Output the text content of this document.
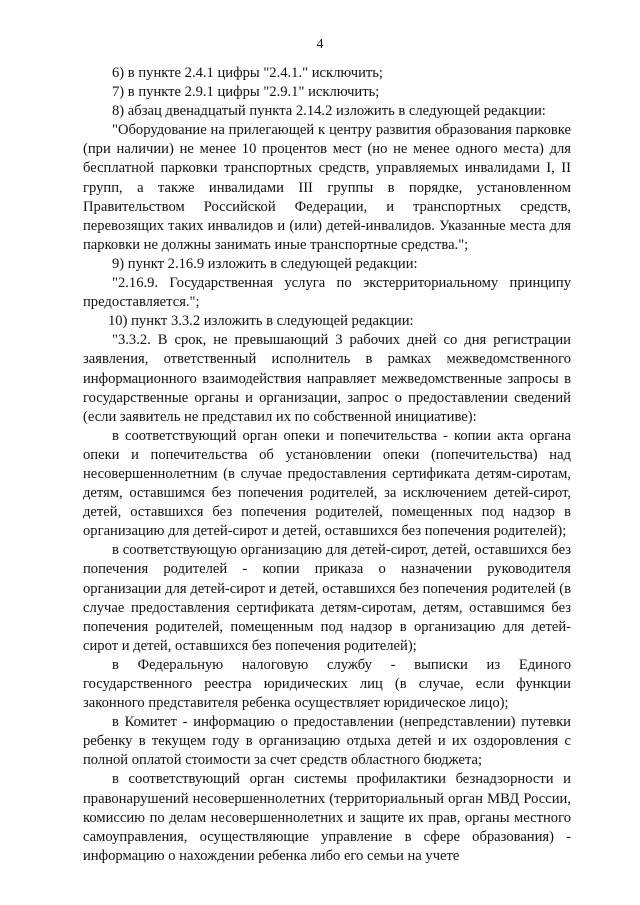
4

6) в пункте 2.4.1 цифры "2.4.1." исключить;

7) в пункте 2.9.1 цифры "2.9.1" исключить;

8) абзац двенадцатый пункта 2.14.2 изложить в следующей редакции:

"Оборудование на прилегающей к центру развития образования парковке (при наличии) не менее 10 процентов мест (но не менее одного места) для бесплатной парковки транспортных средств, управляемых инвалидами I, II групп, а также инвалидами III группы в порядке, установленном Правительством Российской Федерации, и транспортных средств, перевозящих таких инвалидов и (или) детей-инвалидов. Указанные места для парковки не должны занимать иные транспортные средства.";

9) пункт 2.16.9 изложить в следующей редакции:

"2.16.9. Государственная услуга по экстерриториальному принципу предоставляется.";

10) пункт 3.3.2 изложить в следующей редакции:

"3.3.2. В срок, не превышающий 3 рабочих дней со дня регистрации заявления, ответственный исполнитель в рамках межведомственного информационного взаимодействия направляет межведомственные запросы в государственные органы и организации, запрос о предоставлении сведений (если заявитель не представил их по собственной инициативе):

в соответствующий орган опеки и попечительства - копии акта органа опеки и попечительства об установлении опеки (попечительства) над несовершеннолетним (в случае предоставления сертификата детям-сиротам, детям, оставшимся без попечения родителей, за исключением детей-сирот, детей, оставшихся без попечения родителей, помещенных под надзор в организацию для детей-сирот и детей, оставшихся без попечения родителей);

в соответствующую организацию для детей-сирот, детей, оставшихся без попечения родителей - копии приказа о назначении руководителя организации для детей-сирот и детей, оставшихся без попечения родителей (в случае предоставления сертификата детям-сиротам, детям, оставшимся без попечения родителей, помещенным под надзор в организацию для детей-сирот и детей, оставшихся без попечения родителей);

в Федеральную налоговую службу - выписки из Единого государственного реестра юридических лиц (в случае, если функции законного представителя ребенка осуществляет юридическое лицо);

в Комитет - информацию о предоставлении (непредставлении) путевки ребенку в текущем году в организацию отдыха детей и их оздоровления с полной оплатой стоимости за счет средств областного бюджета;

в соответствующий орган системы профилактики безнадзорности и правонарушений несовершеннолетних (территориальный орган МВД России, комиссию по делам несовершеннолетних и защите их прав, органы местного самоуправления, осуществляющие управление в сфере образования) - информацию о нахождении ребенка либо его семьи на учете
